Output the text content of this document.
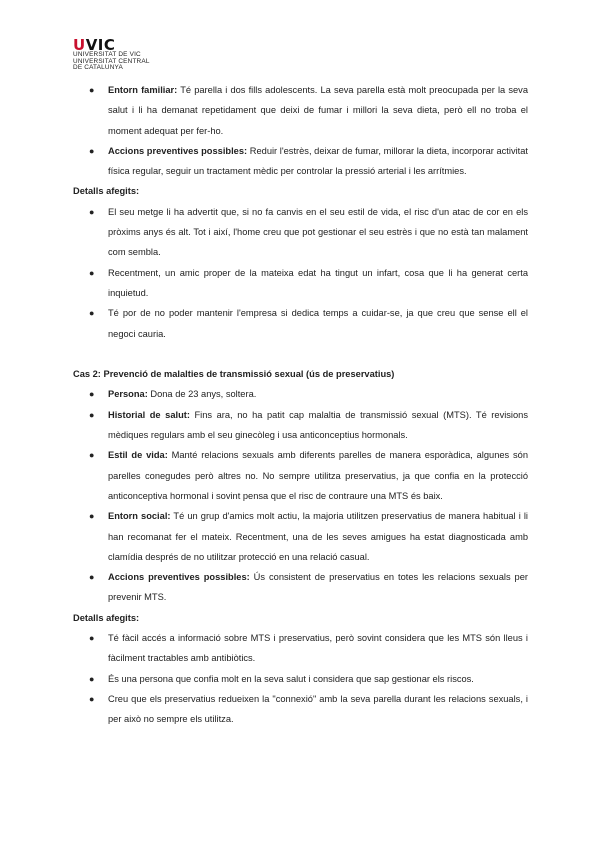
UVIC
UNIVERSITAT DE VIC
UNIVERSITAT CENTRAL
DE CATALUNYA
● Entorn familiar: Té parella i dos fills adolescents. La seva parella està molt preocupada per la seva salut i li ha demanat repetidament que deixi de fumar i millori la seva dieta, però ell no troba el moment adequat per fer-ho.
● Accions preventives possibles: Reduir l'estrès, deixar de fumar, millorar la dieta, incorporar activitat física regular, seguir un tractament mèdic per controlar la pressió arterial i les arrítmies.
Detalls afegits:
● El seu metge li ha advertit que, si no fa canvis en el seu estil de vida, el risc d'un atac de cor en els pròxims anys és alt. Tot i així, l'home creu que pot gestionar el seu estrès i que no està tan malament com sembla.
● Recentment, un amic proper de la mateixa edat ha tingut un infart, cosa que li ha generat certa inquietud.
● Té por de no poder mantenir l'empresa si dedica temps a cuidar-se, ja que creu que sense ell el negoci cauria.
Cas 2: Prevenció de malalties de transmissió sexual (ús de preservatius)
● Persona: Dona de 23 anys, soltera.
● Historial de salut: Fins ara, no ha patit cap malaltia de transmissió sexual (MTS). Té revisions mèdiques regulars amb el seu ginecòleg i usa anticonceptius hormonals.
● Estil de vida: Manté relacions sexuals amb diferents parelles de manera esporàdica, algunes són parelles conegudes però altres no. No sempre utilitza preservatius, ja que confia en la protecció anticonceptiva hormonal i sovint pensa que el risc de contraure una MTS és baix.
● Entorn social: Té un grup d'amics molt actiu, la majoria utilitzen preservatius de manera habitual i li han recomanat fer el mateix. Recentment, una de les seves amigues ha estat diagnosticada amb clamídia després de no utilitzar protecció en una relació casual.
● Accions preventives possibles: Ús consistent de preservatius en totes les relacions sexuals per prevenir MTS.
Detalls afegits:
● Té fàcil accés a informació sobre MTS i preservatius, però sovint considera que les MTS són lleus i fàcilment tractables amb antibiòtics.
● És una persona que confia molt en la seva salut i considera que sap gestionar els riscos.
● Creu que els preservatius redueixen la "connexió" amb la seva parella durant les relacions sexuals, i per això no sempre els utilitza.
